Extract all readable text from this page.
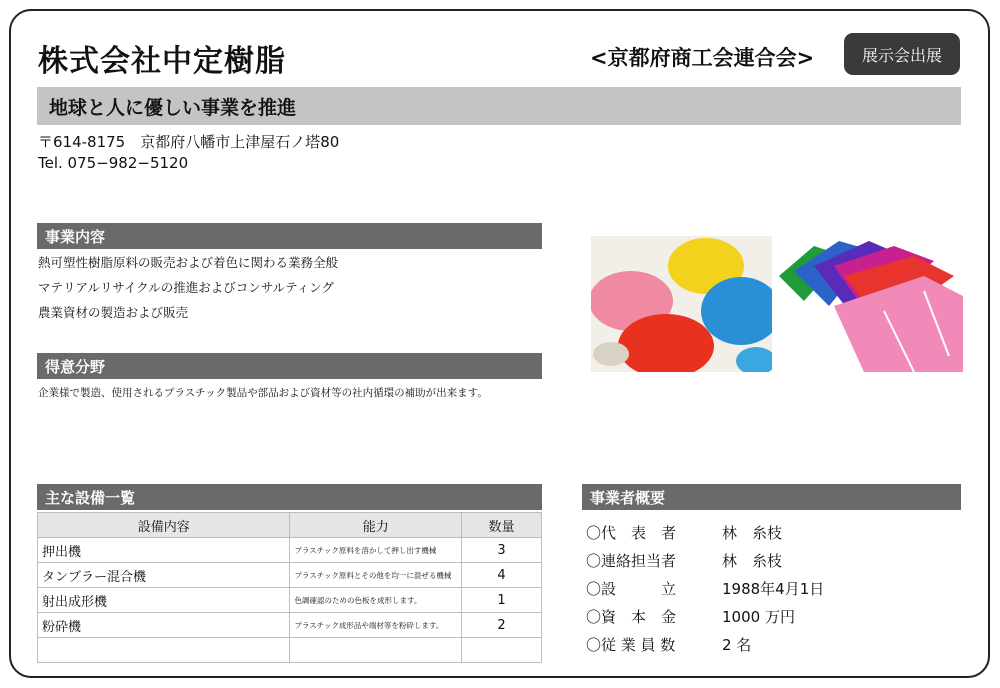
株式会社中定樹脂	<京都府商工会連合会>	展示会出展
地球と人に優しい事業を推進
〒614-8175　京都府八幡市上津屋石ノ塔80
Tel. 075−982−5120
事業内容
熱可塑性樹脂原料の販売および着色に関わる業務全般
マテリアルリサイクルの推進およびコンサルティング
農業資材の製造および販売
得意分野
企業様で製造、使用されるプラスチック製品や部品および資材等の社内循環の補助が出来ます。
主な設備一覧
設備内容	能力	数量
押出機	プラスチック原料を溶かして押し出す機械	3
タンブラー混合機	プラスチック原料とその他を均一に混ぜる機械	4
射出成形機	色調確認のための色板を成形します。	1
粉砕機	プラスチック成形品や端材等を粉砕します。	2

事業者概要
〇代　表　者	林　糸枝
〇連絡担当者	林　糸枝
〇設　　　立	1988年4月1日
〇資　本　金	1000 万円
〇従 業 員 数	2 名
